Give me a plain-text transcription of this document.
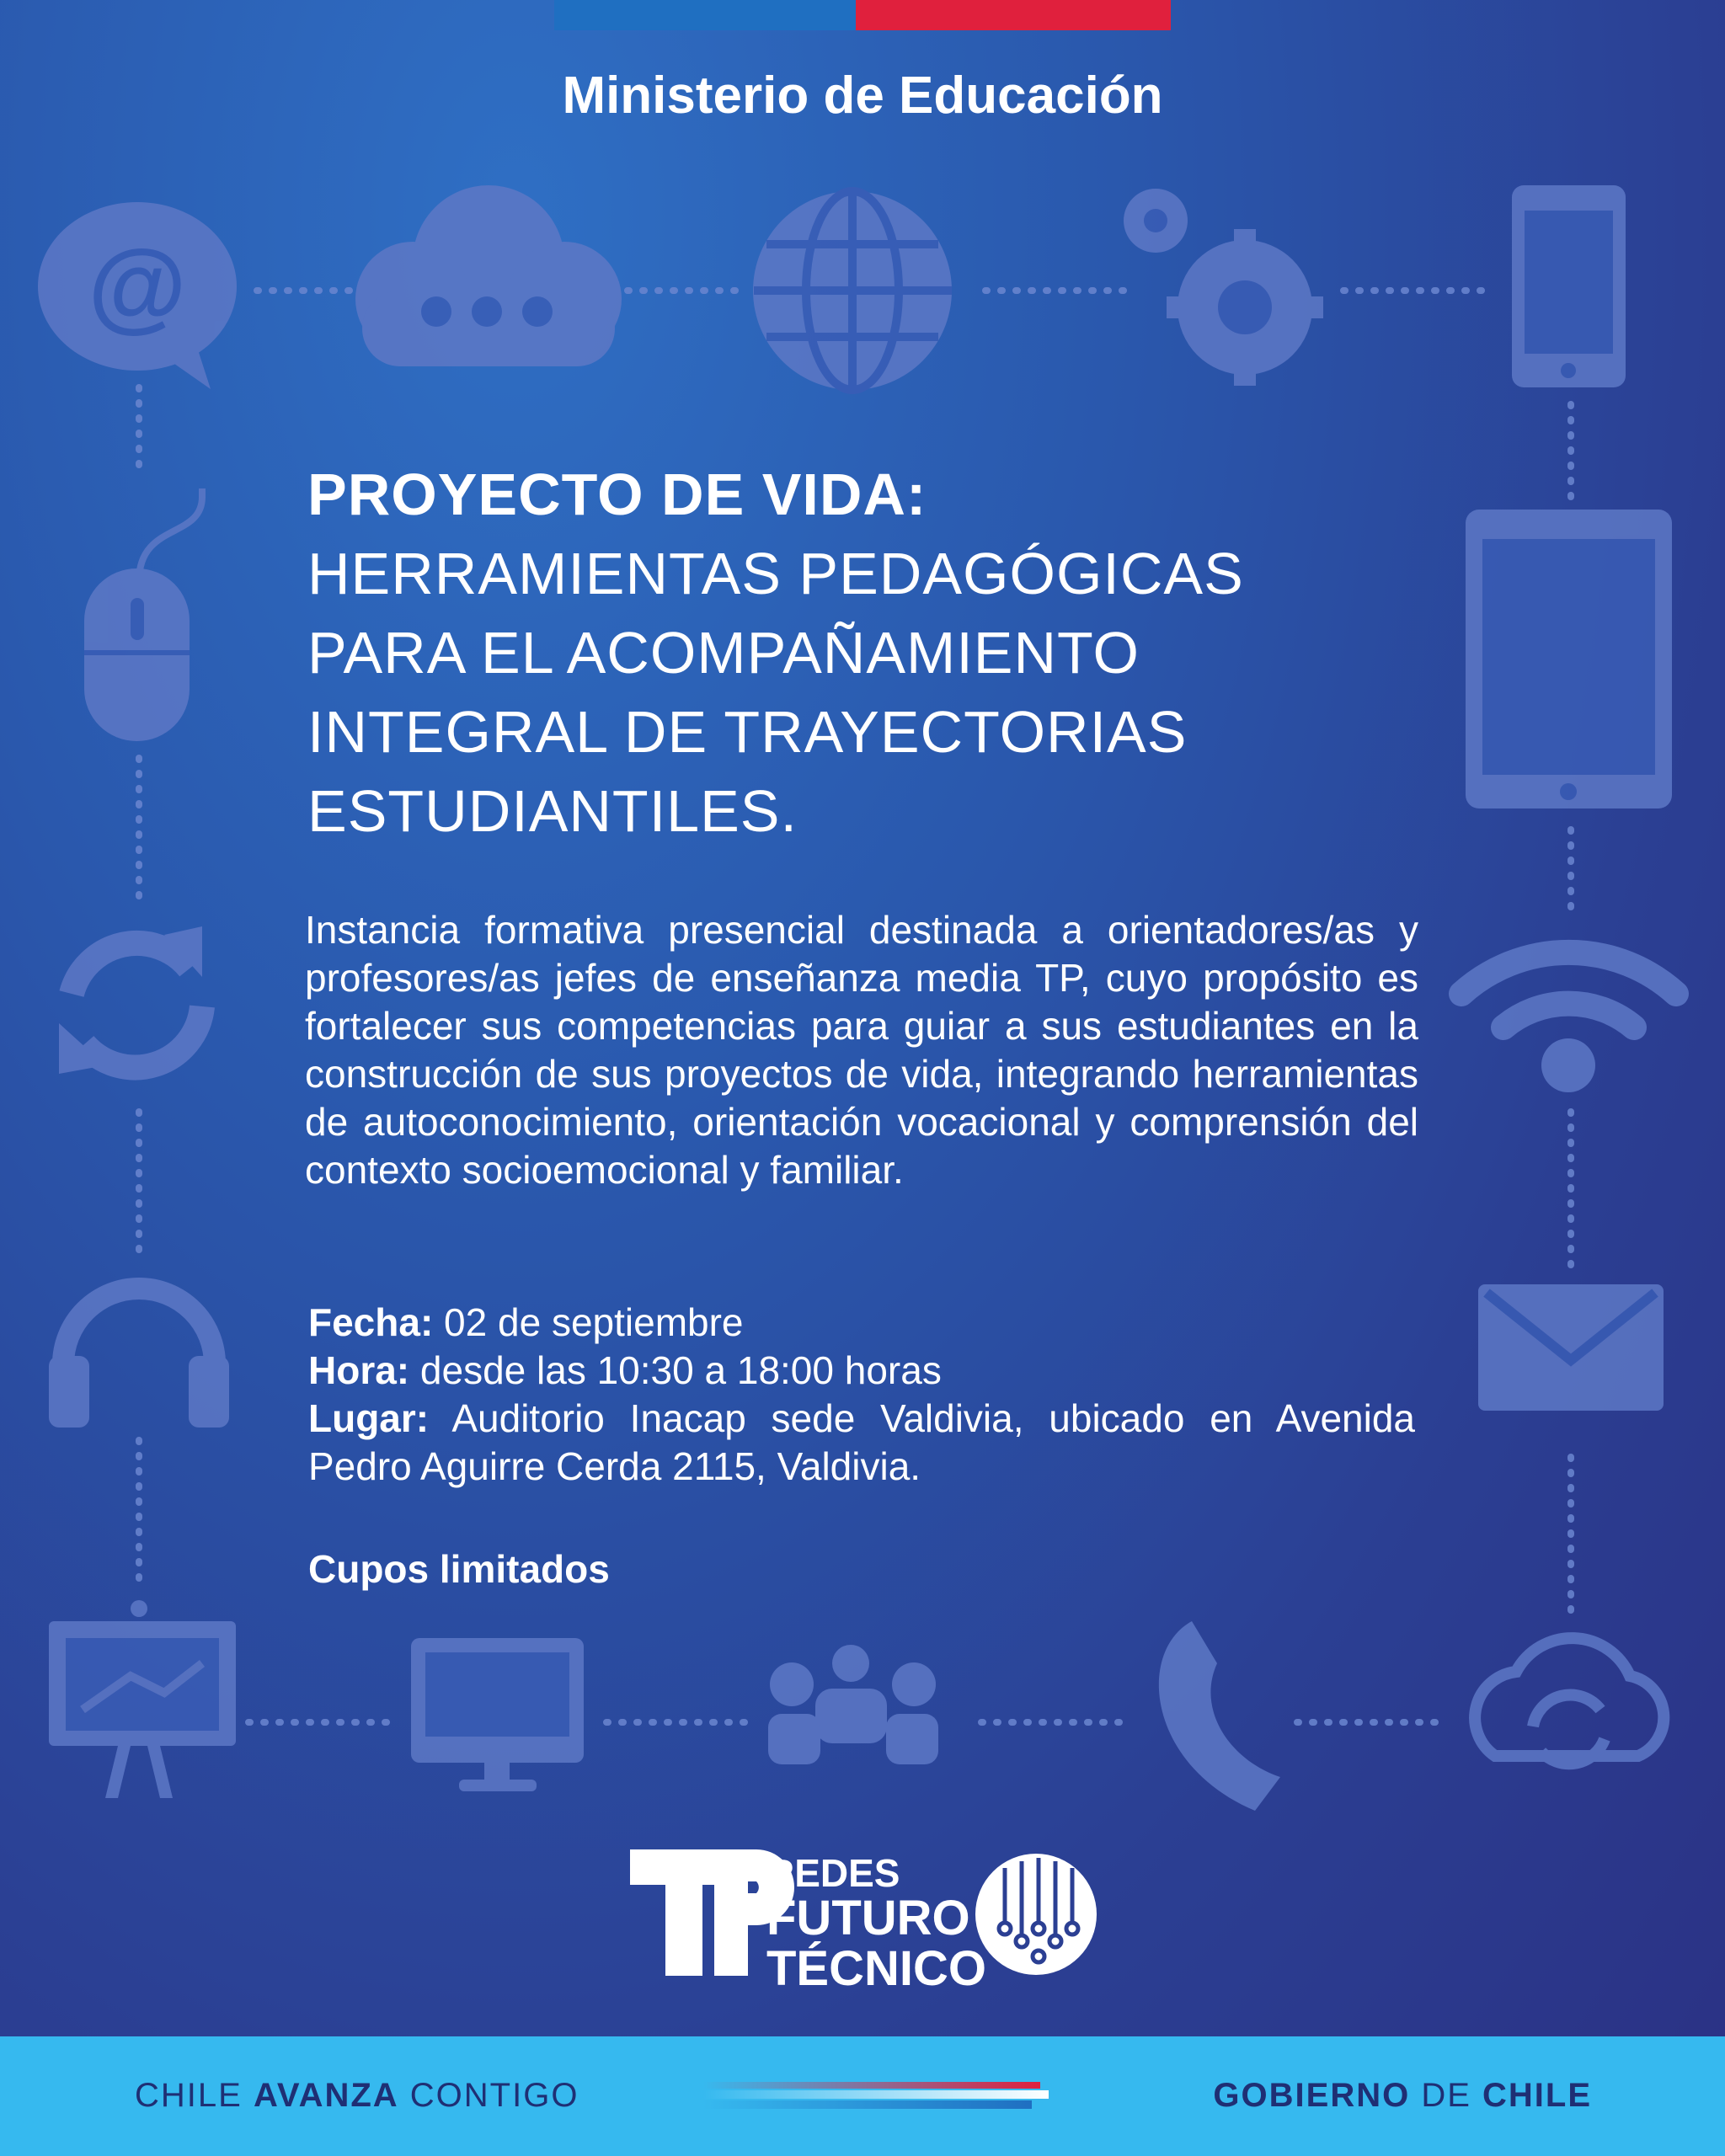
Ministerio de Educación
@
PROYECTO DE VIDA:
HERRAMIENTAS PEDAGÓGICAS
PARA EL ACOMPAÑAMIENTO
INTEGRAL DE TRAYECTORIAS
ESTUDIANTILES.
Instancia formativa presencial destinada a orientadores/as y profesores/as jefes de enseñanza media TP, cuyo propósito es fortalecer sus competencias para guiar a sus estudiantes en la construcción de sus proyectos de vida, integrando herramientas de autoconocimiento, orientación vocacional y comprensión del contexto socioemocional y familiar.
Fecha: 02 de septiembre
Hora: desde las 10:30 a 18:00 horas
Lugar: Auditorio Inacap sede Valdivia, ubicado en Avenida Pedro Aguirre Cerda 2115, Valdivia.
Cupos limitados
REDES
FUTURO
TÉCNICO
CHILE AVANZA CONTIGO	GOBIERNO DE CHILE
